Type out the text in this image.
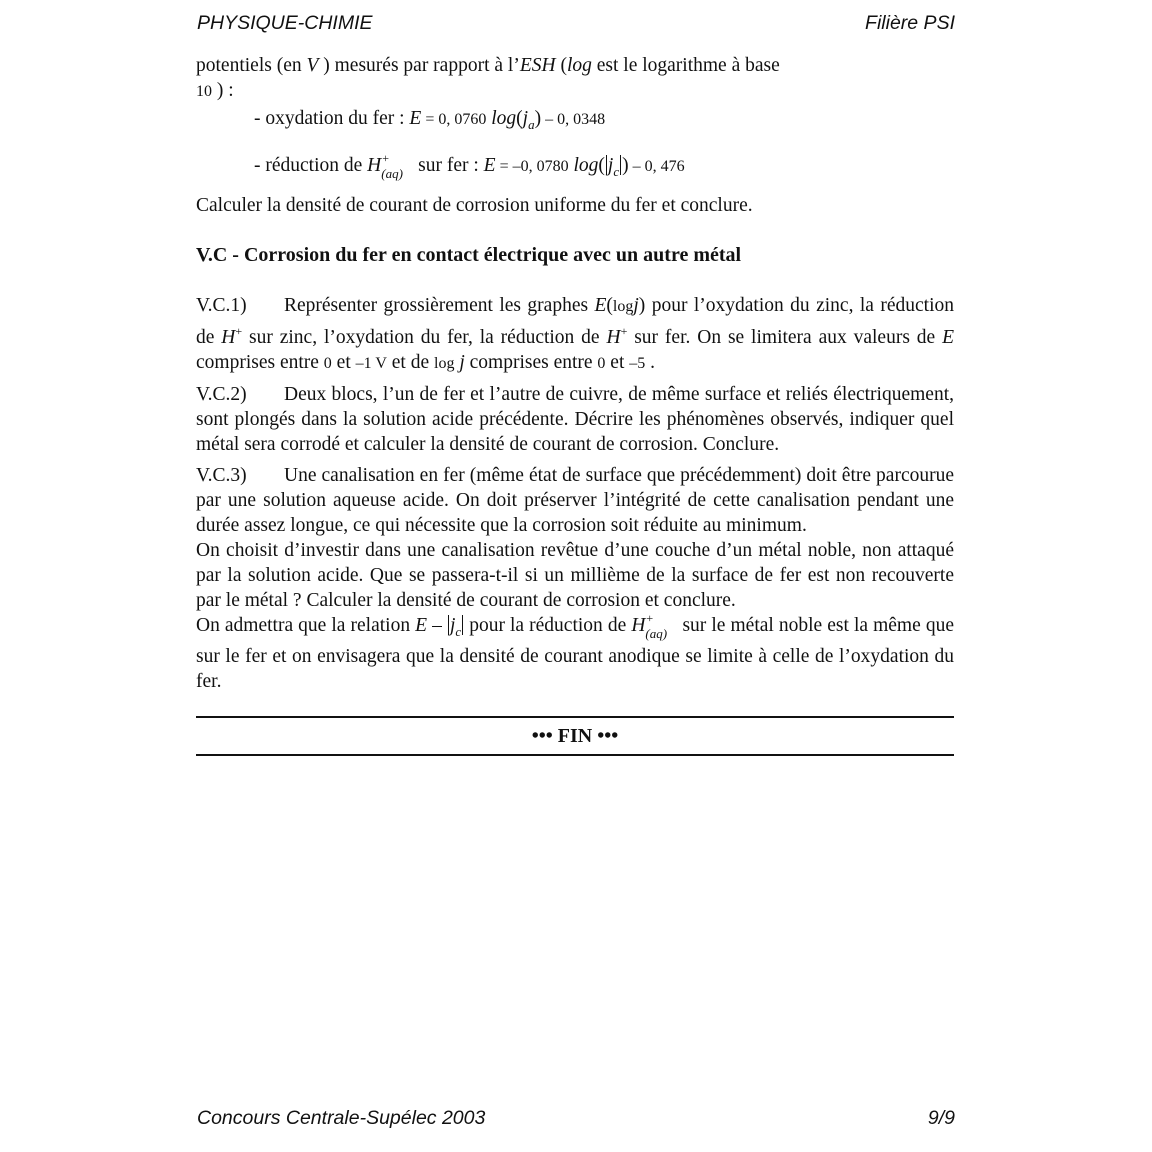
PHYSIQUE-CHIMIE	Filière PSI

potentiels (en V ) mesurés par rapport à l’ESH (log est le logarithme à base
10 ) :

- oxydation du fer : E = 0, 0760 $\log(j_a) - 0$, 0348

- réduction de H +
(aq) sur fer : E = –0, 0780 log( $j_c$ ) – 0, 476

Calculer la densité de courant de corrosion uniforme du fer et conclure.

V.C - Corrosion du fer en contact électrique avec un autre métal

V.C.1) Représenter grossièrement les graphes E(logj) pour l’oxydation du zinc, la réduction de H+ sur zinc, l’oxydation du fer, la réduction de H+ sur fer. On se limitera aux valeurs de E comprises entre 0 et –1 V et de log j comprises entre 0 et –5 .

V.C.2) Deux blocs, l’un de fer et l’autre de cuivre, de même surface et reliés électriquement, sont plongés dans la solution acide précédente. Décrire les phénomènes observés, indiquer quel métal sera corrodé et calculer la densité de courant de corrosion. Conclure.

V.C.3) Une canalisation en fer (même état de surface que précédemment) doit être parcourue par une solution aqueuse acide. On doit préserver l’intégrité de cette canalisation pendant une durée assez longue, ce qui nécessite que la corrosion soit réduite au minimum.

On choisit d’investir dans une canalisation revêtue d’une couche d’un métal noble, non attaqué par la solution acide. Que se passera-t-il si un millième de la surface de fer est non recouverte par le métal ? Calculer la densité de courant de corrosion et conclure.

On admettra que la relation E – $j_c$ pour la réduction de H +
(aq) sur le métal noble est la même que sur le fer et on envisagera que la densité de courant anodique se limite à celle de l’oxydation du fer.

••• FIN •••
Concours Centrale-Supélec 2003	9/9
